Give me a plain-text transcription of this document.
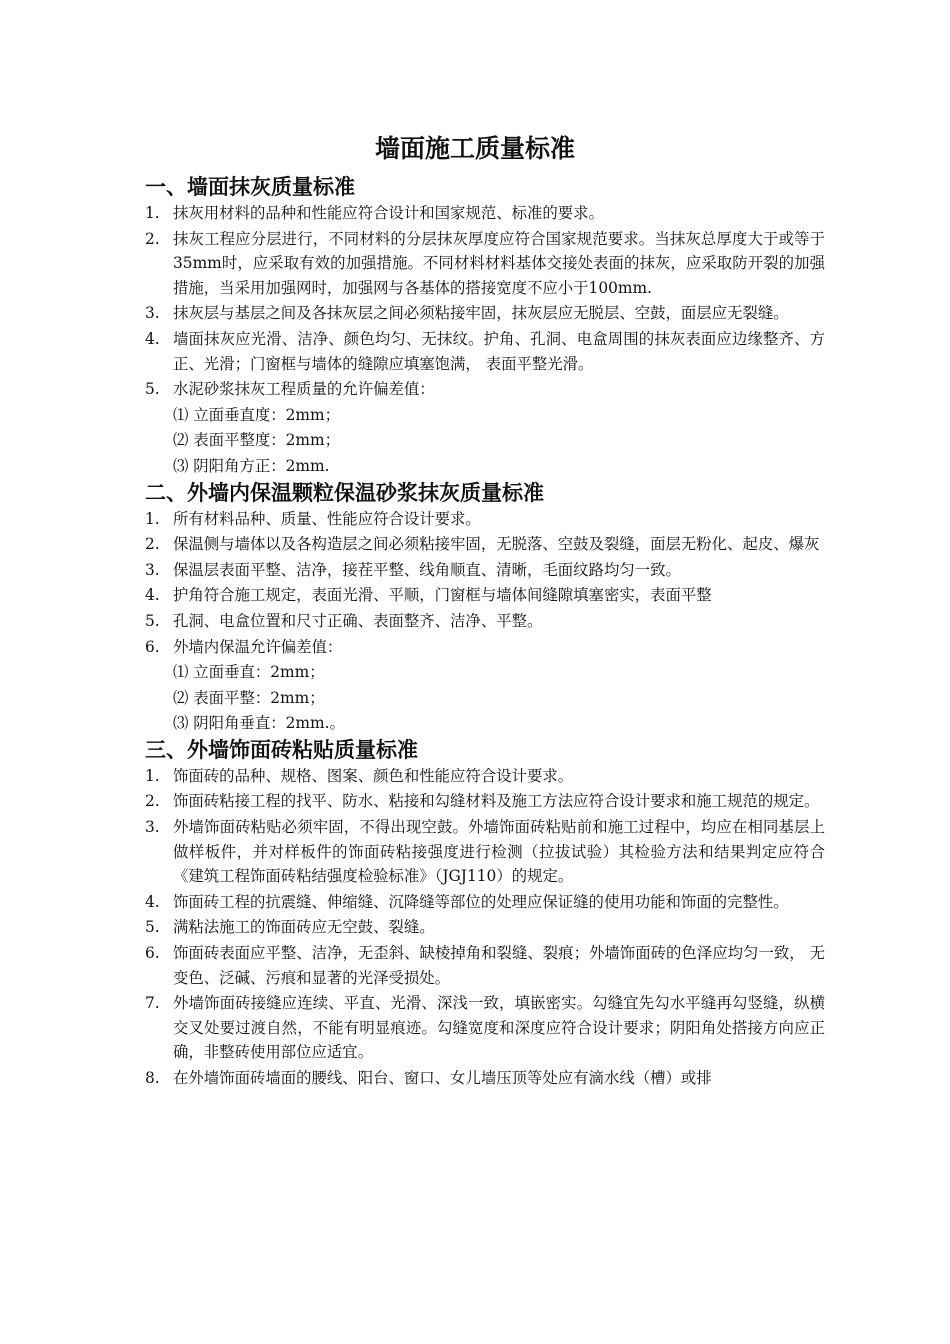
墙面施工质量标准
一、墙面抹灰质量标准
1. 抹灰用材料的品种和性能应符合设计和国家规范、标准的要求。
2. 抹灰工程应分层进行，不同材料的分层抹灰厚度应符合国家规范要求。当抹灰总厚度大于或等于35mm时，应采取有效的加强措施。不同材料材料基体交接处表面的抹灰，应采取防开裂的加强措施，当采用加强网时，加强网与各基体的搭接宽度不应小于100mm.
3. 抹灰层与基层之间及各抹灰层之间必须粘接牢固，抹灰层应无脱层、空鼓，面层应无裂缝。
4. 墙面抹灰应光滑、洁净、颜色均匀、无抹纹。护角、孔洞、电盒周围的抹灰表面应边缘整齐、方正、光滑；门窗框与墙体的缝隙应填塞饱满， 表面平整光滑。
5. 水泥砂浆抹灰工程质量的允许偏差值：
⑴ 立面垂直度：2mm；
⑵ 表面平整度：2mm；
⑶ 阴阳角方正：2mm.
二、外墙内保温颗粒保温砂浆抹灰质量标准
1. 所有材料品种、质量、性能应符合设计要求。
2. 保温侧与墙体以及各构造层之间必须粘接牢固，无脱落、空鼓及裂缝，面层无粉化、起皮、爆灰
3. 保温层表面平整、洁净，接茬平整、线角顺直、清晰，毛面纹路均匀一致。
4. 护角符合施工规定，表面光滑、平顺，门窗框与墙体间缝隙填塞密实，表面平整
5. 孔洞、电盒位置和尺寸正确、表面整齐、洁净、平整。
6. 外墙内保温允许偏差值：
⑴ 立面垂直：2mm；
⑵ 表面平整：2mm；
⑶ 阴阳角垂直：2mm.。
三、外墙饰面砖粘贴质量标准
1. 饰面砖的品种、规格、图案、颜色和性能应符合设计要求。
2. 饰面砖粘接工程的找平、防水、粘接和勾缝材料及施工方法应符合设计要求和施工规范的规定。
3. 外墙饰面砖粘贴必须牢固，不得出现空鼓。外墙饰面砖粘贴前和施工过程中，均应在相同基层上做样板件，并对样板件的饰面砖粘接强度进行检测（拉拔试验）其检验方法和结果判定应符合《建筑工程饰面砖粘结强度检验标准》（JGJ110）的规定。
4. 饰面砖工程的抗震缝、伸缩缝、沉降缝等部位的处理应保证缝的使用功能和饰面的完整性。
5. 满粘法施工的饰面砖应无空鼓、裂缝。
6. 饰面砖表面应平整、洁净，无歪斜、缺棱掉角和裂缝、裂痕；外墙饰面砖的色泽应均匀一致， 无变色、泛碱、污痕和显著的光泽受损处。
7. 外墙饰面砖接缝应连续、平直、光滑、深浅一致，填嵌密实。勾缝宜先勾水平缝再勾竖缝，纵横交叉处要过渡自然，不能有明显痕迹。勾缝宽度和深度应符合设计要求；阴阳角处搭接方向应正确，非整砖使用部位应适宜。
8. 在外墙饰面砖墙面的腰线、阳台、窗口、女儿墙压顶等处应有滴水线（槽）或排
